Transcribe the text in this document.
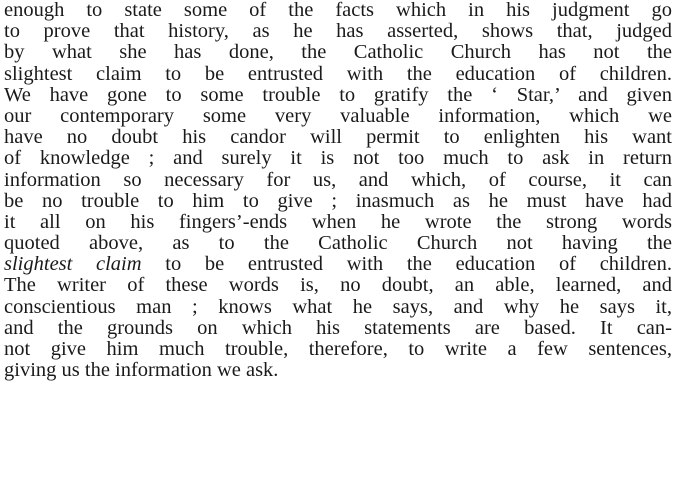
enough to state some of the facts which in his judgment go
to prove that history, as he has asserted, shows that, judged
by what she has done, the Catholic Church has not the
slightest claim to be entrusted with the education of children.
We have gone to some trouble to gratify the ‘ Star,’ and given
our contemporary some very valuable information, which we
have no doubt his candor will permit to enlighten his want
of knowledge ; and surely it is not too much to ask in return
information so necessary for us, and which, of course, it can
be no trouble to him to give ; inasmuch as he must have had
it all on his fingers’-ends when he wrote the strong words
quoted above, as to the Catholic Church not having the
slightest claim to be entrusted with the education of children.
The writer of these words is, no doubt, an able, learned, and
conscientious man ; knows what he says, and why he says it,
and the grounds on which his statements are based. It can-
not give him much trouble, therefore, to write a few sentences,
giving us the information we ask.
